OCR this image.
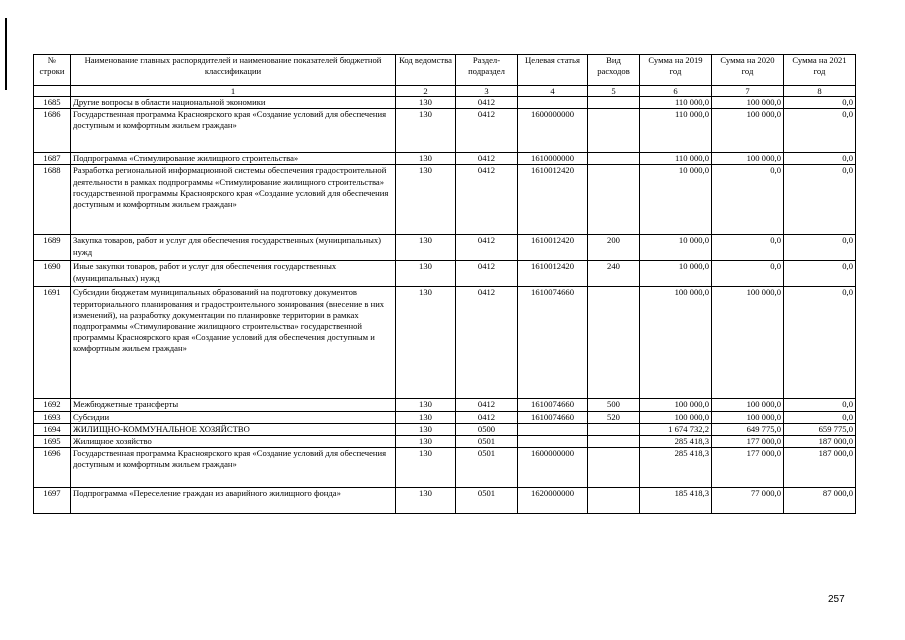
№ строки	Наименование главных распорядителей и наименование показателей бюджетной классификации	Код ведомства	Раздел-подраздел	Целевая статья	Вид расходов	Сумма на 2019 год	Сумма на 2020 год	Сумма на 2021 год
	1	2	3	4	5	6	7	8
1685	Другие вопросы в области национальной экономики	130	0412			110 000,0	100 000,0	0,0
1686	Государственная программа Красноярского края «Создание условий для обеспечения доступным и комфортным жильем граждан»	130	0412	1600000000		110 000,0	100 000,0	0,0
1687	Подпрограмма «Стимулирование жилищного строительства»	130	0412	1610000000		110 000,0	100 000,0	0,0
1688	Разработка региональной информационной системы обеспечения градостроительной деятельности в рамках подпрограммы «Стимулирование жилищного строительства» государственной программы Красноярского края «Создание условий для обеспечения доступным и комфортным жильем граждан»	130	0412	1610012420		10 000,0	0,0	0,0
1689	Закупка товаров, работ и услуг для обеспечения государственных (муниципальных) нужд	130	0412	1610012420	200	10 000,0	0,0	0,0
1690	Иные закупки товаров, работ и услуг для обеспечения государственных (муниципальных) нужд	130	0412	1610012420	240	10 000,0	0,0	0,0
1691	Субсидии бюджетам муниципальных образований на подготовку документов территориального планирования и градостроительного зонирования (внесение в них изменений), на разработку документации по планировке территории в рамках подпрограммы «Стимулирование жилищного строительства» государственной программы Красноярского края «Создание условий для обеспечения доступным и комфортным жильем граждан»	130	0412	1610074660		100 000,0	100 000,0	0,0
1692	Межбюджетные трансферты	130	0412	1610074660	500	100 000,0	100 000,0	0,0
1693	Субсидии	130	0412	1610074660	520	100 000,0	100 000,0	0,0
1694	ЖИЛИЩНО-КОММУНАЛЬНОЕ ХОЗЯЙСТВО	130	0500			1 674 732,2	649 775,0	659 775,0
1695	Жилищное хозяйство	130	0501			285 418,3	177 000,0	187 000,0
1696	Государственная программа Красноярского края «Создание условий для обеспечения доступным и комфортным жильем граждан»	130	0501	1600000000		285 418,3	177 000,0	187 000,0
1697	Подпрограмма «Переселение граждан из аварийного жилищного фонда»	130	0501	1620000000		185 418,3	77 000,0	87 000,0
257
